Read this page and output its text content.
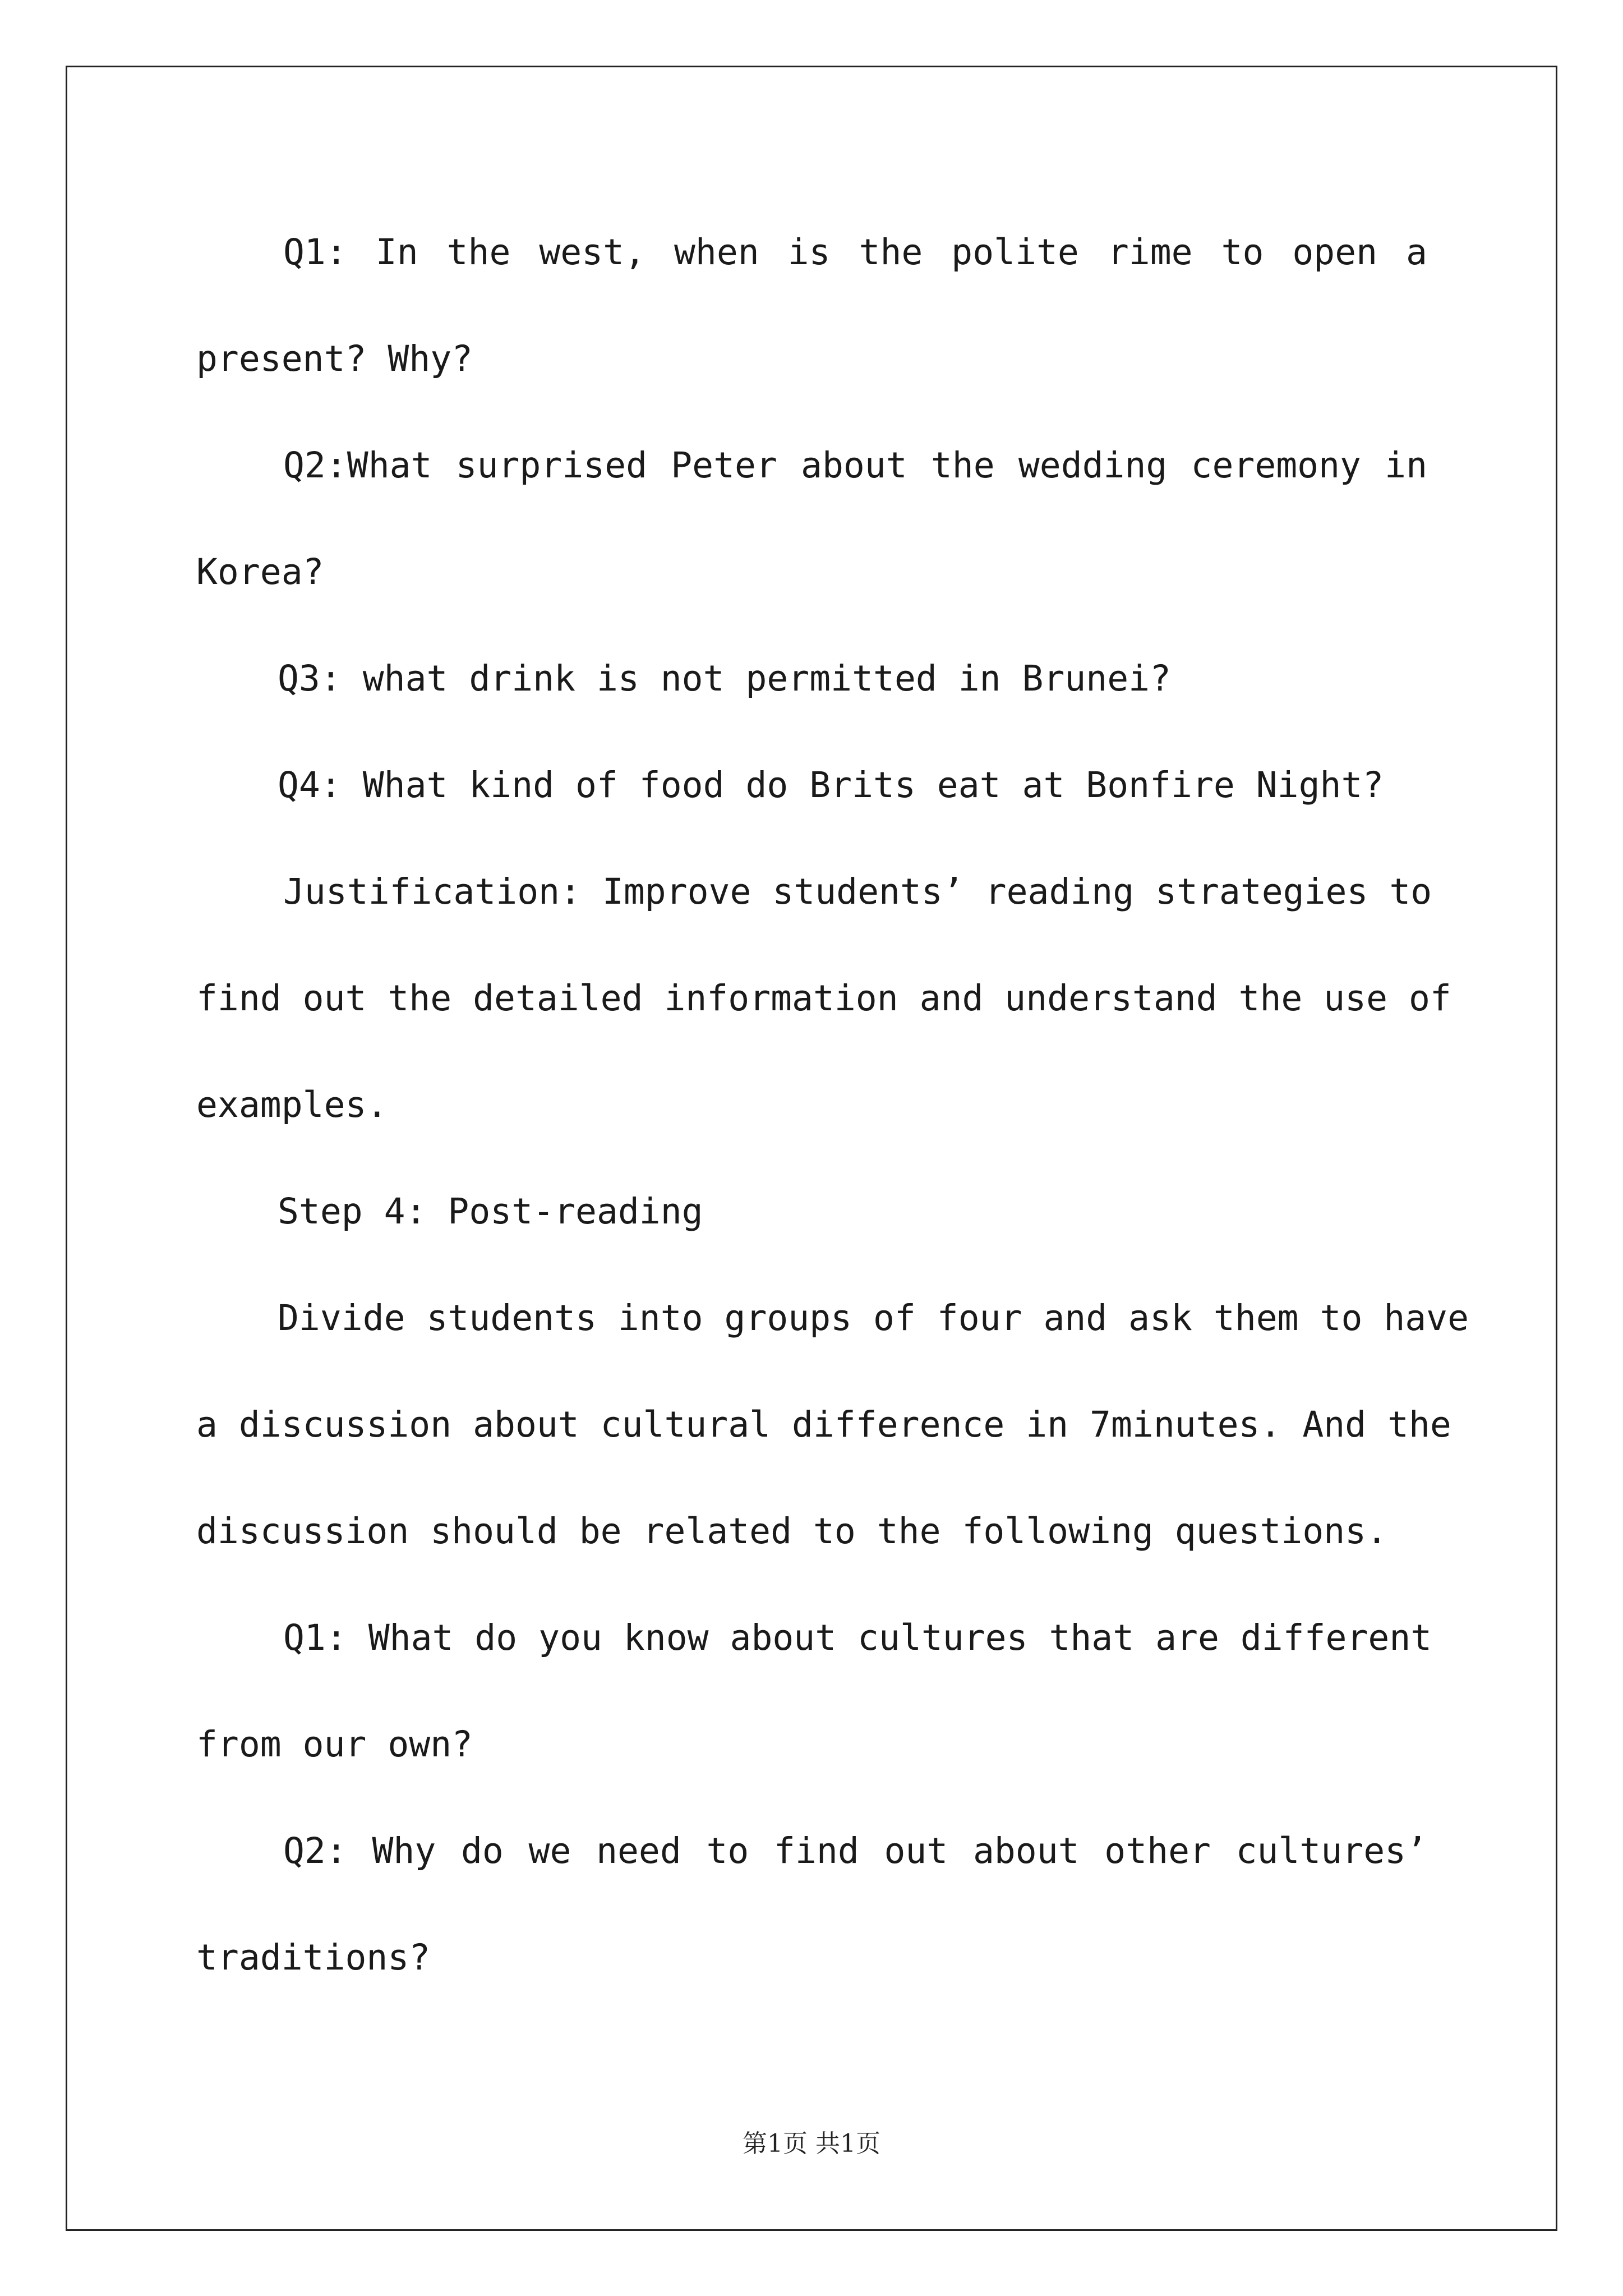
Q1: In the west, when is the polite rime to open a
present? Why?
Q2:What surprised Peter about the wedding ceremony in
Korea?
Q3: what drink is not permitted in Brunei?
Q4: What kind of food do Brits eat at Bonfire Night?
Justification: Improve students’ reading strategies to
find out the detailed information and understand the use of
examples.
Step 4: Post-reading
Divide students into groups of four and ask them to have
a discussion about cultural difference in 7minutes. And the
discussion should be related to the following questions.
Q1: What do you know about cultures that are different
from our own?
Q2: Why do we need to find out about other cultures’
traditions?
第1页 共1页
